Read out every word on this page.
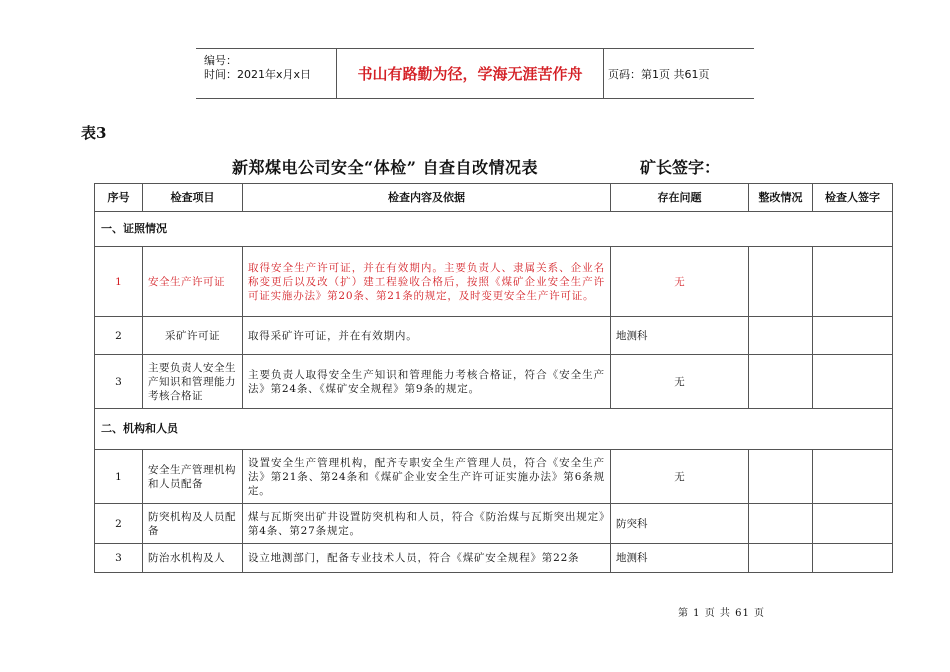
编号：
时间：2021年x月x日	书山有路勤为径，学海无涯苦作舟	页码：第1页 共61页
表3
新郑煤电公司安全“体检” 自查自改情况表	矿长签字：
序号	检查项目	检查内容及依据	存在问题	整改情况	检查人签字
一、证照情况					
1	安全生产许可证	取得安全生产许可证，并在有效期内。主要负责人、隶属关系、企业名称变更后以及改（扩）建工程验收合格后，按照《煤矿企业安全生产许可证实施办法》第20条、第21条的规定，及时变更安全生产许可证。	无		
2	采矿许可证	取得采矿许可证，并在有效期内。	地测科		
3	主要负责人安全生产知识和管理能力考核合格证	主要负责人取得安全生产知识和管理能力考核合格证，符合《安全生产法》第24条、《煤矿安全规程》第9条的规定。	无		
二、机构和人员					
1	安全生产管理机构和人员配备	设置安全生产管理机构，配齐专职安全生产管理人员，符合《安全生产法》第21条、第24条和《煤矿企业安全生产许可证实施办法》第6条规定。	无		
2	防突机构及人员配备	煤与瓦斯突出矿井设置防突机构和人员，符合《防治煤与瓦斯突出规定》第4条、第27条规定。	防突科		
3	防治水机构及人	设立地测部门，配备专业技术人员，符合《煤矿安全规程》第22条	地测科		
第 1 页 共 61 页
